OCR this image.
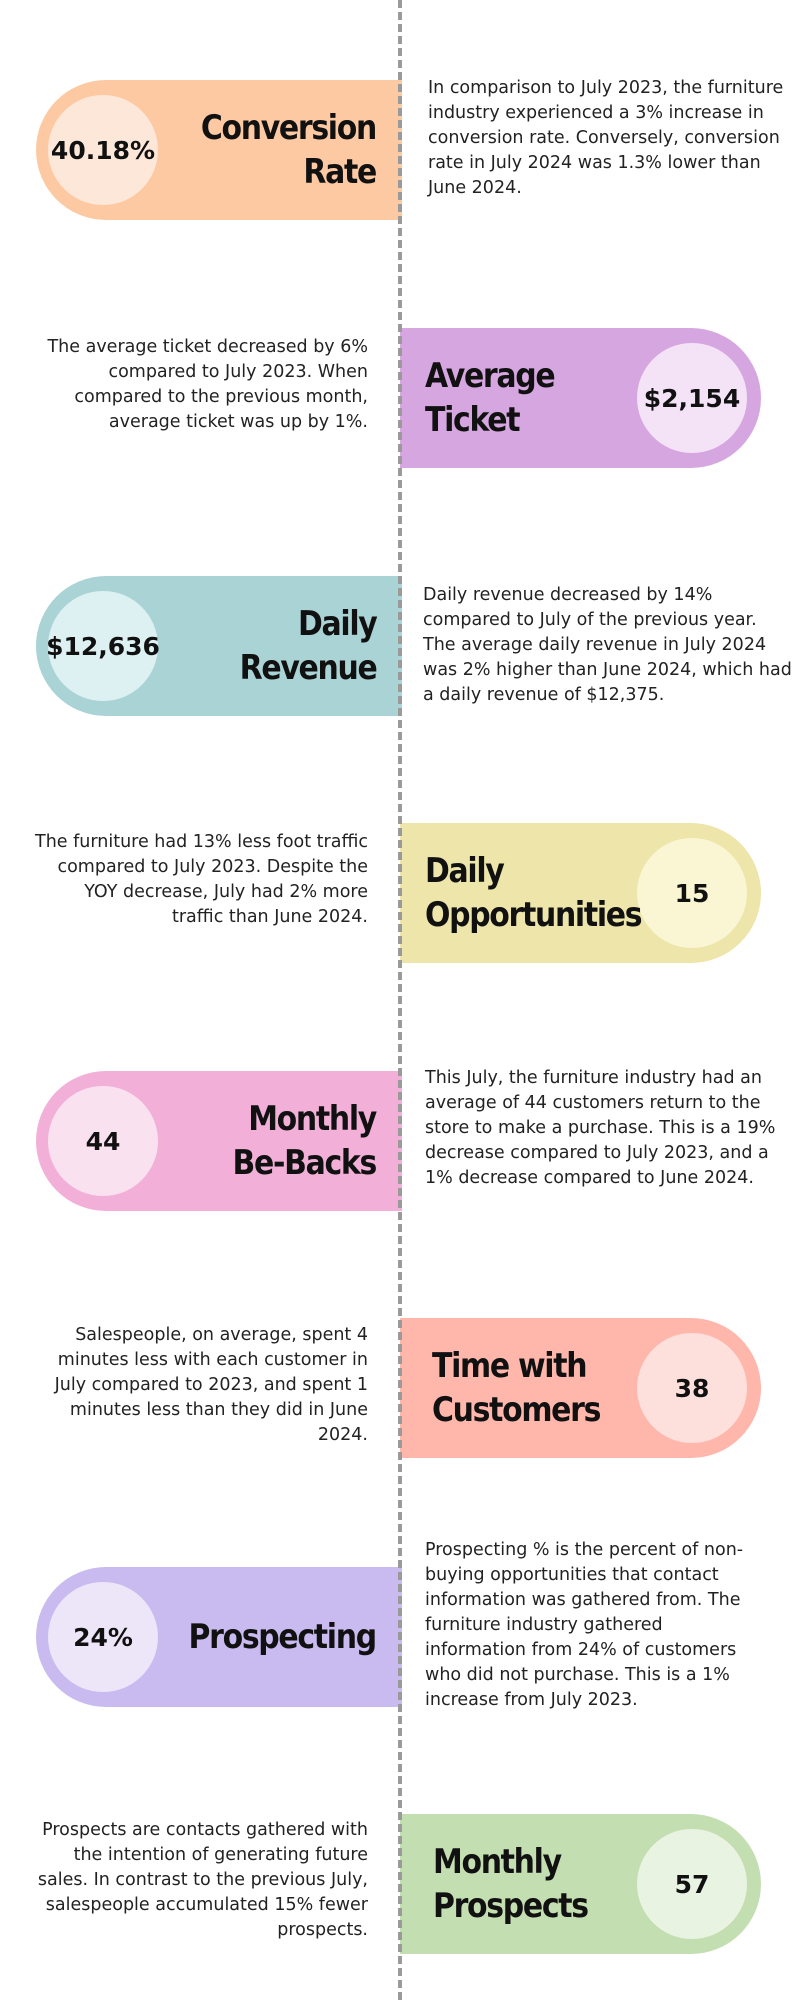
40.18%
Conversion
Rate
In comparison to July 2023, the furniture industry experienced a 3% increase in conversion rate. Conversely, conversion rate in July 2024 was 1.3% lower than June 2024.
$2,154
Average
Ticket
The average ticket decreased by 6% compared to July 2023. When compared to the previous month, average ticket was up by 1%.
$12,636
Daily
Revenue
Daily revenue decreased by 14% compared to July of the previous year. The average daily revenue in July 2024 was 2% higher than June 2024, which had a daily revenue of $12,375.
15
Daily
Opportunities
The furniture had 13% less foot traffic compared to July 2023. Despite the YOY decrease, July had 2% more traffic than June 2024.
44
Monthly
Be-Backs
This July, the furniture industry had an average of 44 customers return to the store to make a purchase. This is a 19% decrease compared to July 2023, and a 1% decrease compared to June 2024.
38
Time with
Customers
Salespeople, on average, spent 4 minutes less with each customer in July compared to 2023, and spent 1 minutes less than they did in June 2024.
24%	Prospecting
Prospecting % is the percent of non-buying opportunities that contact information was gathered from. The furniture industry gathered information from 24% of customers who did not purchase. This is a 1% increase from July 2023.
57
Monthly
Prospects
Prospects are contacts gathered with the intention of generating future sales. In contrast to the previous July, salespeople accumulated 15% fewer prospects.
